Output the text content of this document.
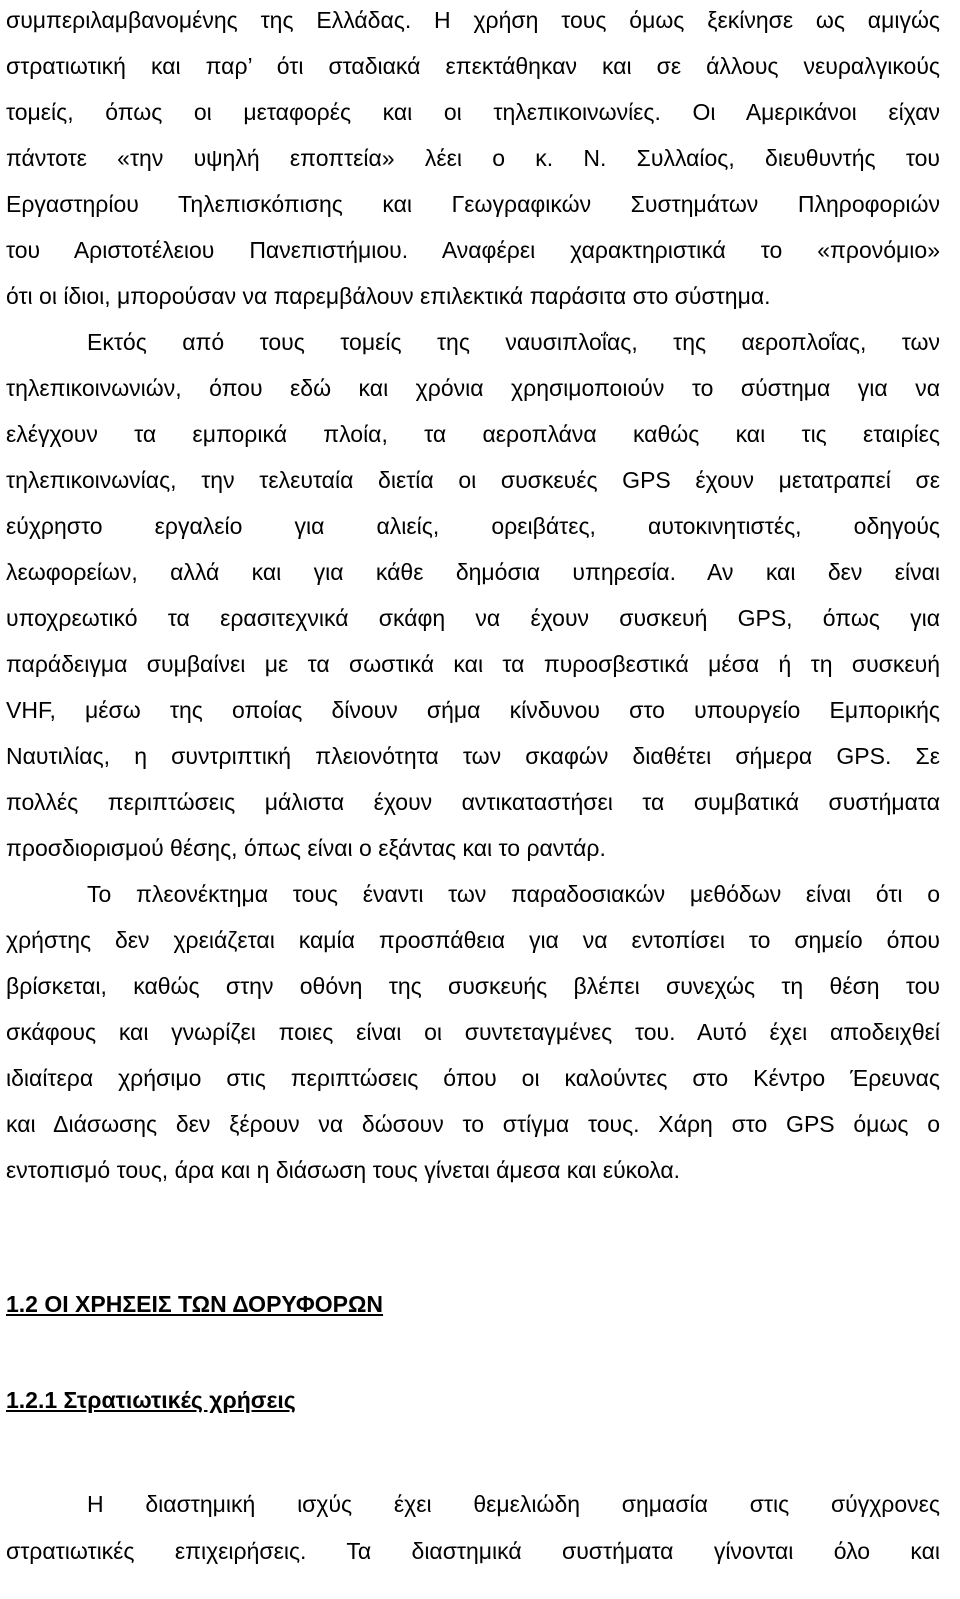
συμπεριλαμβανομένης της Ελλάδας. Η χρήση τους όμως ξεκίνησε ως αμιγώς
στρατιωτική και παρ’ ότι σταδιακά επεκτάθηκαν και σε άλλους νευραλγικούς
τομείς, όπως οι μεταφορές και οι τηλεπικοινωνίες. Οι Αμερικάνοι είχαν
πάντοτε «την υψηλή εποπτεία» λέει ο κ. Ν. Συλλαίος, διευθυντής του
Εργαστηρίου Τηλεπισκόπισης και Γεωγραφικών Συστημάτων Πληροφοριών
του Αριστοτέλειου Πανεπιστήμιου. Αναφέρει χαρακτηριστικά το «προνόμιο»
ότι οι ίδιοι, μπορούσαν να παρεμβάλουν επιλεκτικά παράσιτα στο σύστημα.
Εκτός από τους τομείς της ναυσιπλοΐας, της αεροπλοΐας, των
τηλεπικοινωνιών, όπου εδώ και χρόνια χρησιμοποιούν το σύστημα για να
ελέγχουν τα εμπορικά πλοία, τα αεροπλάνα καθώς και τις εταιρίες
τηλεπικοινωνίας, την τελευταία διετία οι συσκευές GPS έχουν μετατραπεί σε
εύχρηστο εργαλείο για αλιείς, ορειβάτες, αυτοκινητιστές, οδηγούς
λεωφορείων, αλλά και για κάθε δημόσια υπηρεσία. Αν και δεν είναι
υποχρεωτικό τα ερασιτεχνικά σκάφη να έχουν συσκευή GPS, όπως για
παράδειγμα συμβαίνει με τα σωστικά και τα πυροσβεστικά μέσα ή τη συσκευή
VHF, μέσω της οποίας δίνουν σήμα κίνδυνου στο υπουργείο Εμπορικής
Ναυτιλίας, η συντριπτική πλειονότητα των σκαφών διαθέτει σήμερα GPS. Σε
πολλές περιπτώσεις μάλιστα έχουν αντικαταστήσει τα συμβατικά συστήματα
προσδιορισμού θέσης, όπως είναι ο εξάντας και το ραντάρ.
Το πλεονέκτημα τους έναντι των παραδοσιακών μεθόδων είναι ότι ο
χρήστης δεν χρειάζεται καμία προσπάθεια για να εντοπίσει το σημείο όπου
βρίσκεται, καθώς στην οθόνη της συσκευής βλέπει συνεχώς τη θέση του
σκάφους και γνωρίζει ποιες είναι οι συντεταγμένες του. Αυτό έχει αποδειχθεί
ιδιαίτερα χρήσιμο στις περιπτώσεις όπου οι καλούντες στο Κέντρο Έρευνας
και Διάσωσης δεν ξέρουν να δώσουν το στίγμα τους. Χάρη στο GPS όμως ο
εντοπισμό τους, άρα και η διάσωση τους γίνεται άμεσα και εύκολα.
1.2 ΟΙ ΧΡΗΣΕΙΣ ΤΩΝ ΔΟΡΥΦΟΡΩΝ
1.2.1 Στρατιωτικές χρήσεις
Η διαστημική ισχύς έχει θεμελιώδη σημασία στις σύγχρονες
στρατιωτικές επιχειρήσεις. Τα διαστημικά συστήματα γίνονται όλο και
